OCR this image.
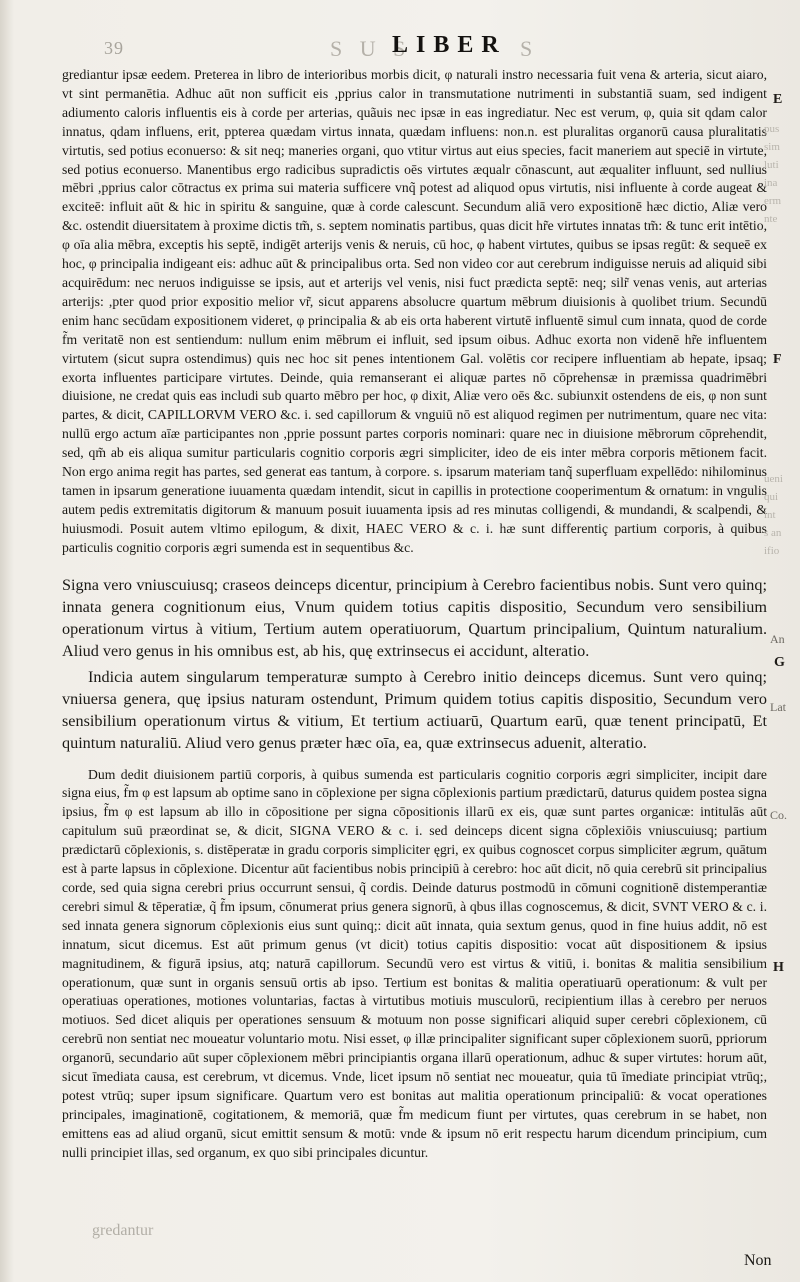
39	S U S
LIBER S

grediantur ipsæ eedem. Preterea in libro de interioribus morbis dicit, φ naturali instro necessaria fuit vena & arteria, sicut aiaro, vt sint permanētia. Adhuc aūt non sufficit eis ,pprius calor in transmutatione nutrimenti in substantiā suam, sed indigent adiumento caloris influentis eis à corde per arterias, quãuis nec ipsæ in eas ingrediatur. Nec est verum, φ, quia sit qdam calor innatus, qdam influens, erit, ppterea quædam virtus innata, quædam influens: non.n. est pluralitas organorū causa pluralitatis virtutis, sed potius econuerso: & sit neq; maneries organi, quo vtitur virtus aut eius species, facit maneriem aut speciē in virtute, sed potius econuerso. Manentibus ergo radicibus supradictis oēs virtutes æqualr cōnascunt, aut æqualiter influunt, sed nullius mēbri ,pprius calor cōtractus ex prima sui materia sufficere vnq̃ potest ad aliquod opus virtutis, nisi influente à corde augeat & exciteē: influit aūt & hic in spiritu & sanguine, quæ à corde calescunt. Secundum aliā vero expositionē hæc dictio, Aliæ vero &c. ostendit diuersitatem à proxime dictis tm̃, s. septem nominatis partibus, quas dicit hr̃e virtutes innatas tm̃: & tunc erit intētio, φ oīa alia mēbra, exceptis his septē, indigēt arterijs venis & neruis, cū hoc, φ habent virtutes, quibus se ipsas regūt: & sequeē ex hoc, φ principalia indigeant eis: adhuc aūt & principalibus orta. Sed non video cor aut cerebrum indiguisse neruis ad aliquid sibi acquirēdum: nec neruos indiguisse se ipsis, aut et arterijs vel venis, nisi fuct prædicta septē: neq; silr̃ venas venis, aut arterias arterijs: ,pter quod prior expositio melior vr̃, sicut apparens absolucre quartum mēbrum diuisionis à quolibet trium. Secundū enim hanc secūdam expositionem videret, φ principalia & ab eis orta haberent virtutē influentē simul cum innata, quod de corde f̃m veritatē non est sentiendum: nullum enim mēbrum ei influit, sed ipsum oibus. Adhuc exorta non videnē hr̃e influentem virtutem (sicut supra ostendimus) quis nec hoc sit penes intentionem Gal. volētis cor recipere influentiam ab hepate, ipsaq; exorta influentes participare virtutes. Deinde, quia remanserant ei aliquæ partes nō cōprehensæ in præmissa quadrimēbri diuisione, ne credat quis eas includi sub quarto mēbro per hoc, φ dixit, Aliæ vero oēs &c. subiunxit ostendens de eis, φ non sunt partes, & dicit, CAPILLORVM VERO &c. i. sed capillorum & vnguiū nō est aliquod regimen per nutrimentum, quare nec vita: nullū ergo actum aīæ participantes non ,pprie possunt partes corporis nominari: quare nec in diuisione mēbrorum cōprehendit, sed, qm̃ ab eis aliqua sumitur particularis cognitio corporis ægri simpliciter, ideo de eis inter mēbra corporis mētionem facit. Non ergo anima regit has partes, sed generat eas tantum, à corpore. s. ipsarum materiam tanq̃ superfluam expellēdo: nihilominus tamen in ipsarum generatione iuuamenta quædam intendit, sicut in capillis in protectione cooperimentum & ornatum: in vngulis autem pedis extremitatis digitorum & manuum posuit iuuamenta ipsis ad res minutas colligendi, & mundandi, & scalpendi, & huiusmodi. Posuit autem vltimo epilogum, & dixit, HAEC VERO & c. i. hæ sunt differentiç partium corporis, à quibus particulis cognitio corporis ægri sumenda est in sequentibus &c.

Signa vero vniuscuiusq; craseos deinceps dicentur, principium à Cerebro facientibus nobis. Sunt vero quinq; innata genera cognitionum eius, Vnum quidem totius capitis dispositio, Secundum vero sensibilium operationum virtus à vitium, Tertium autem operatiuorum, Quartum principalium, Quintum naturalium. Aliud vero genus in his omnibus est, ab his, quę extrinsecus ei accidunt, alteratio.

Indicia autem singularum temperaturæ sumpto à Cerebro initio deinceps dicemus. Sunt vero quinq; vniuersa genera, quę ipsius naturam ostendunt, Primum quidem totius capitis dispositio, Secundum vero sensibilium operationum virtus & vitium, Et tertium actiuarū, Quartum earū, quæ tenent principatū, Et quintum naturaliū. Aliud vero genus præter hæc oīa, ea, quæ extrinsecus aduenit, alteratio.

Dum dedit diuisionem partiū corporis, à quibus sumenda est particularis cognitio corporis ægri simpliciter, incipit dare signa eius, f̃m φ est lapsum ab optime sano in cōplexione per signa cōplexionis partium prædictarū, daturus quidem postea signa ipsius, f̃m φ est lapsum ab illo in cōpositione per signa cōpositionis illarū ex eis, quæ sunt partes organicæ: intitulās aūt capitulum suū præordinat se, & dicit, SIGNA VERO & c. i. sed deinceps dicent signa cōplexiōis vniuscuiusq; partium prædictarū cōplexionis, s. distēperatæ in gradu corporis simpliciter ęgri, ex quibus cognoscet corpus simpliciter ægrum, quātum est à parte lapsus in cōplexione. Dicentur aūt facientibus nobis principiū à cerebro: hoc aūt dicit, nō quia cerebrū sit principalius corde, sed quia signa cerebri prius occurrunt sensui, q̃ cordis. Deinde daturus postmodū in cōmuni cognitionē distemperantiæ cerebri simul & tēperatiæ, q̃ f̃m ipsum, cōnumerat prius genera signorū, à qbus illas cognoscemus, & dicit, SVNT VERO & c. i. sed innata genera signorum cōplexionis eius sunt quinq;: dicit aūt innata, quia sextum genus, quod in fine huius addit, nō est innatum, sicut dicemus. Est aūt primum genus (vt dicit) totius capitis dispositio: vocat aūt dispositionem & ipsius magnitudinem, & figurā ipsius, atq; naturā capillorum. Secundū vero est virtus & vitiū, i. bonitas & malitia sensibilium operationum, quæ sunt in organis sensuū ortis ab ipso. Tertium est bonitas & malitia operatiuarū operationum: & vult per operatiuas operationes, motiones voluntarias, factas à virtutibus motiuis musculorū, recipientium illas à cerebro per neruos motiuos. Sed dicet aliquis per operationes sensuum & motuum non posse significari aliquid super cerebri cōplexionem, cū cerebrū non sentiat nec moueatur voluntario motu. Nisi esset, φ illæ principaliter significant super cōplexionem suorū, ppriorum organorū, secundario aūt super cōplexionem mēbri principiantis organa illarū operationum, adhuc & super virtutes: horum aūt, sicut īmediata causa, est cerebrum, vt dicemus. Vnde, licet ipsum nō sentiat nec moueatur, quia tū īmediate principiat vtrūq;, potest vtrūq; super ipsum significare. Quartum vero est bonitas aut malitia operationum principaliū: & vocat operationes principales, imaginationē, cogitationem, & memoriā, quæ f̃m medicum fiunt per virtutes, quas cerebrum in se habet, non emittens eas ad aliud organū, sicut emittit sensum & motū: vnde & ipsum nō erit respectu harum dicendum principium, cum nulli principiet illas, sed organum, ex quo sibi principales dicuntur.

E
F
An
G
Lat
Co.
H
pus
sim
luti
ina
erm
nte
ueni
qui
int
s an
ifio
gredantur
Non
